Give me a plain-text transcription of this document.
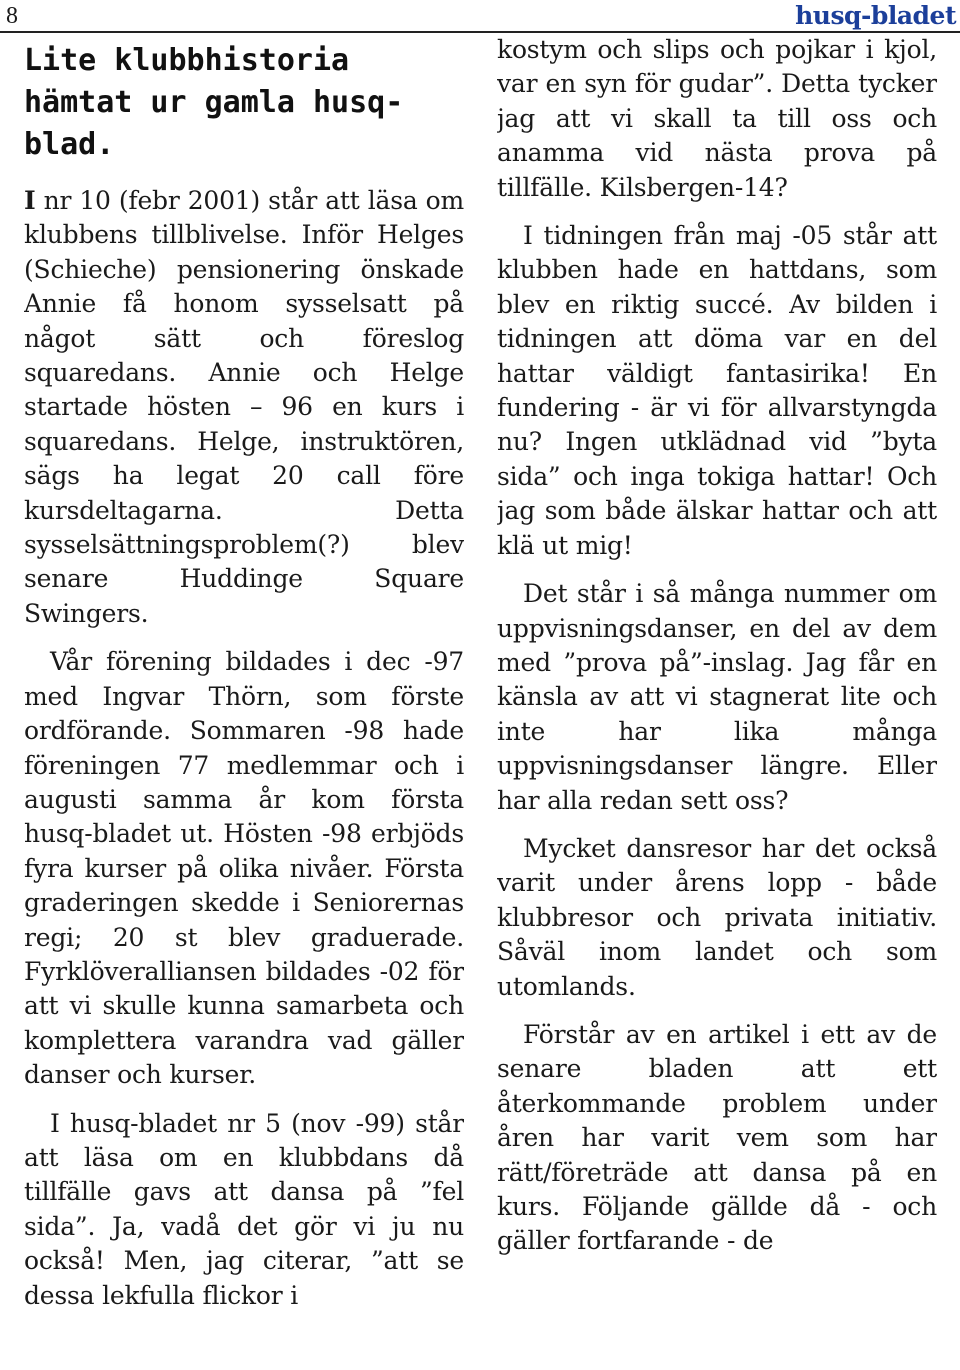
8	husq-bladet
Lite klubbhistoria hämtat ur gamla husq-blad.

I nr 10 (febr 2001) står att läsa om klubbens tillblivelse. Inför Helges (Schieche) pensionering önskade Annie få honom sysselsatt på något sätt och föreslog squaredans. Annie och Helge startade hösten – 96 en kurs i squaredans. Helge, instruktören, sägs ha legat 20 call före kursdeltagarna. Detta sysselsättningsproblem(?) blev senare Huddinge Square Swingers.

Vår förening bildades i dec -97 med Ingvar Thörn, som förste ordförande. Sommaren -98 hade föreningen 77 medlemmar och i augusti samma år kom första husq-bladet ut. Hösten -98 erbjöds fyra kurser på olika nivåer. Första graderingen skedde i Seniorernas regi; 20 st blev graduerade. Fyrklöveralliansen bildades -02 för att vi skulle kunna samarbeta och komplettera varandra vad gäller danser och kurser.

I husq-bladet nr 5 (nov -99) står att läsa om en klubbdans då tillfälle gavs att dansa på ”fel sida”. Ja, vadå det gör vi ju nu också! Men, jag citerar, ”att se dessa lekfulla flickor i

kostym och slips och pojkar i kjol, var en syn för gudar”. Detta tycker jag att vi skall ta till oss och anamma vid nästa prova på tillfälle. Kilsbergen-14?

I tidningen från maj -05 står att klubben hade en hattdans, som blev en riktig succé. Av bilden i tidningen att döma var en del hattar väldigt fantasirika! En fundering - är vi för allvarstyngda nu? Ingen utklädnad vid ”byta sida” och inga tokiga hattar! Och jag som både älskar hattar och att klä ut mig!

Det står i så många nummer om uppvisningsdanser, en del av dem med ”prova på”-inslag. Jag får en känsla av att vi stagnerat lite och inte har lika många uppvisningsdanser längre. Eller har alla redan sett oss?

Mycket dansresor har det också varit under årens lopp - både klubbresor och privata initiativ. Såväl inom landet och som utomlands.

Förstår av en artikel i ett av de senare bladen att ett återkommande problem under åren har varit vem som har rätt/företräde att dansa på en kurs. Följande gällde då - och gäller fortfarande - de
